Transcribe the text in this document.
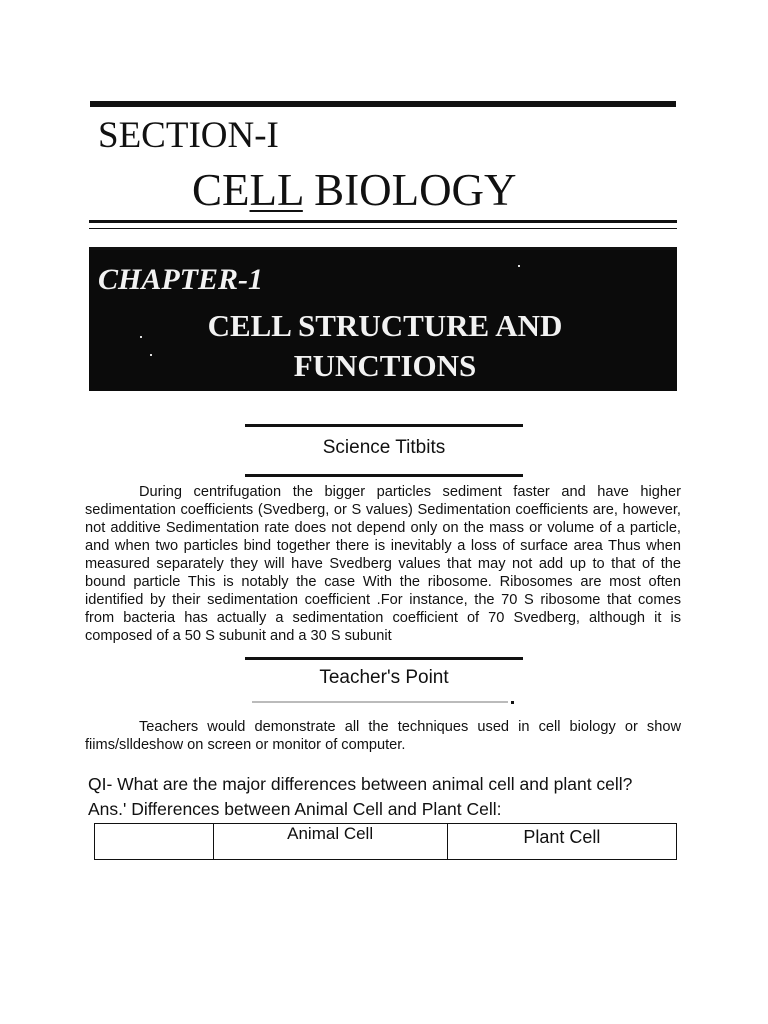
SECTION-I
CELL BIOLOGY
CHAPTER-1
CELL STRUCTURE AND
FUNCTIONS
Science Titbits
During centrifugation the bigger particles sediment faster and have higher sedimentation coefficients (Svedberg, or S values) Sedimentation coefficients are, however, not additive Sedimentation rate does not depend only on the mass or volume of a particle, and when two particles bind together there is inevitably a loss of surface area Thus when measured separately they will have Svedberg values that may not add up to that of the bound particle This is notably the case With the ribosome. Ribosomes are most often identified by their sedimentation coefficient .For instance, the 70 S ribosome that comes from bacteria has actually a sedimentation coefficient of 70 Svedberg, although it is composed of a 50 S subunit and a 30 S subunit
Teacher's Point
Teachers would demonstrate all the techniques used in cell biology or show fiims/slldeshow on screen or monitor of computer.
QI- What are the major differences between animal cell and plant cell?
Ans.' Differences between Animal Cell and Plant Cell:
	Animal Cell	Plant Cell
